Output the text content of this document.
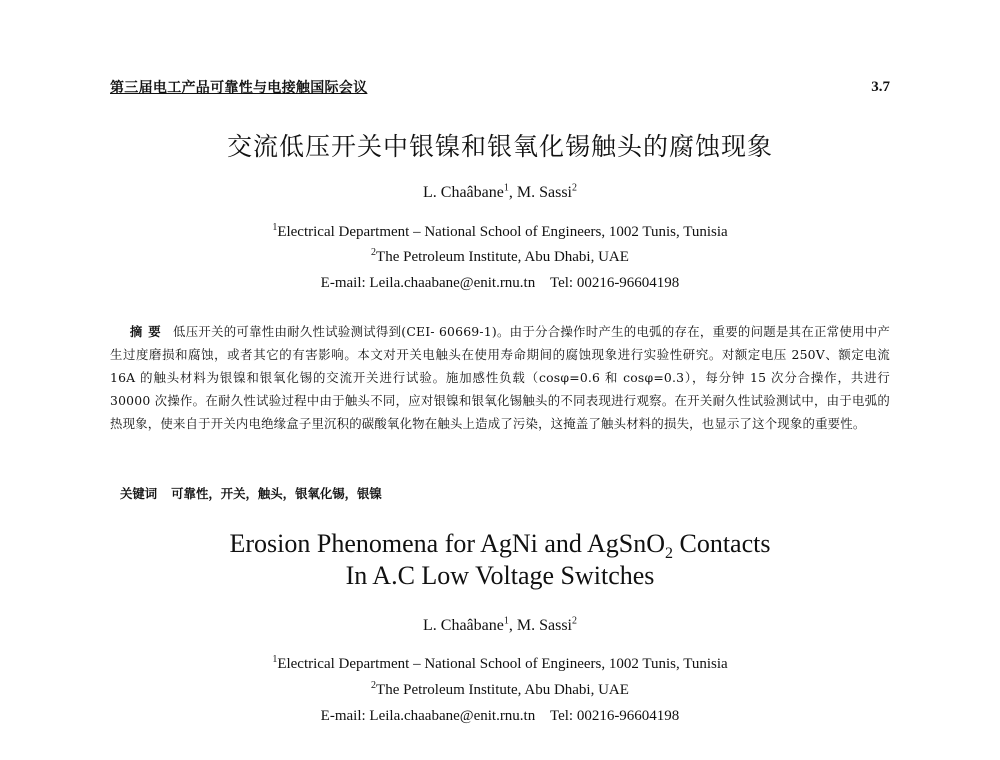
第三届电工产品可靠性与电接触国际会议	3.7
交流低压开关中银镍和银氧化锡触头的腐蚀现象
L. Chaâbane$^1$, M. Sassi$^2$
$^1$Electrical Department – National School of Engineers, 1002 Tunis, Tunisia
$^2$The Petroleum Institute, Abu Dhabi, UAE
E-mail: Leila.chaabane@enit.rnu.tn    Tel: 00216-96604198
摘要 低压开关的可靠性由耐久性试验测试得到(CEI- 60669-1)。由于分合操作时产生的电弧的存在，重要的问题是其在正常使用中产生过度磨损和腐蚀，或者其它的有害影响。本文对开关电触头在使用寿命期间的腐蚀现象进行实验性研究。对额定电压 250V、额定电流 16A 的触头材料为银镍和银氧化锡的交流开关进行试验。施加感性负载（cosφ=0.6 和 cosφ=0.3），每分钟 15 次分合操作，共进行 30000 次操作。在耐久性试验过程中由于触头不同，应对银镍和银氧化锡触头的不同表现进行观察。在开关耐久性试验测试中，由于电弧的热现象，使来自于开关内电绝缘盒子里沉积的碳酸氧化物在触头上造成了污染，这掩盖了触头材料的损失，也显示了这个现象的重要性。
关键词 可靠性，开关，触头，银氧化锡，银镍
Erosion Phenomena for AgNi and AgSnO$_2$ Contacts
In A.C Low Voltage Switches
L. Chaâbane$^1$, M. Sassi$^2$
$^1$Electrical Department – National School of Engineers, 1002 Tunis, Tunisia
$^2$The Petroleum Institute, Abu Dhabi, UAE
E-mail: Leila.chaabane@enit.rnu.tn    Tel: 00216-96604198
